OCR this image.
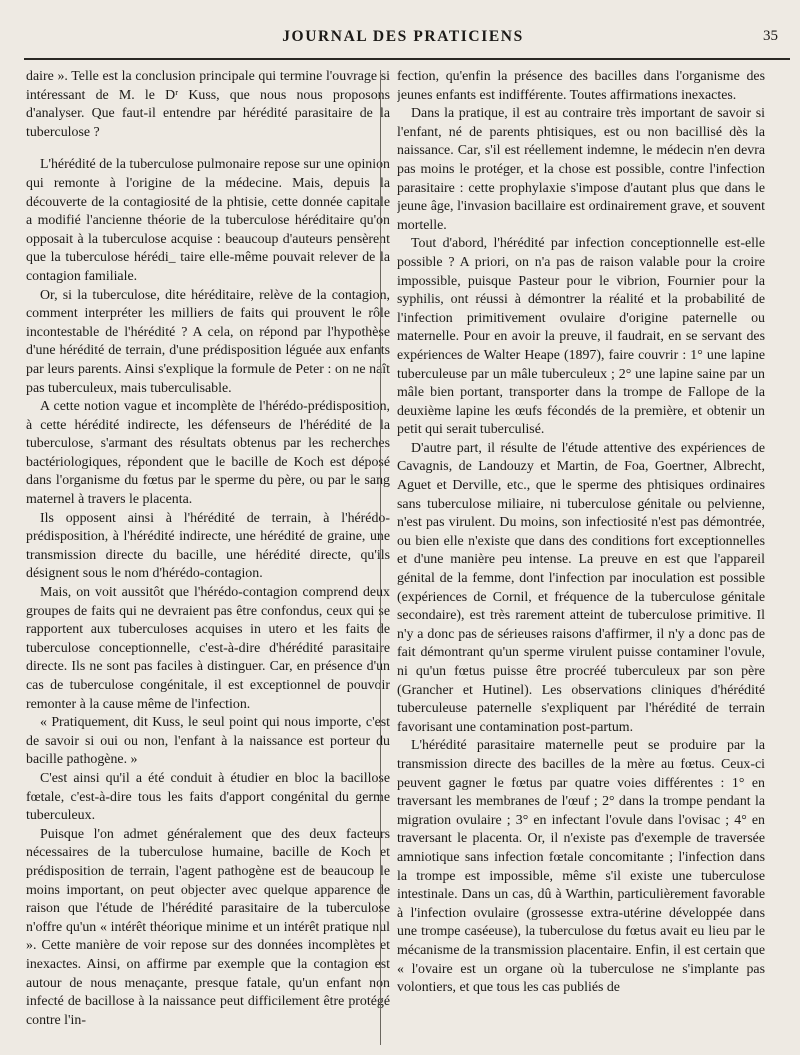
JOURNAL DES PRATICIENS	35

daire ». Telle est la conclusion principale qui termine l'ouvrage si intéressant de M. le Dʳ Kuss, que nous nous proposons d'analyser. Que faut-il entendre par hérédité parasitaire de la tuberculose ?

L'hérédité de la tuberculose pulmonaire repose sur une opinion qui remonte à l'origine de la médecine. Mais, depuis la découverte de la contagiosité de la phtisie, cette donnée capitale a modifié l'ancienne théorie de la tuberculose héréditaire qu'on opposait à la tuberculose acquise : beaucoup d'auteurs pensèrent que la tuberculose hérédi_ taire elle-même pouvait relever de la contagion familiale.

Or, si la tuberculose, dite héréditaire, relève de la contagion, comment interpréter les milliers de faits qui prouvent le rôle incontestable de l'hérédité ? A cela, on répond par l'hypothèse d'une hérédité de terrain, d'une prédisposition léguée aux enfants par leurs parents. Ainsi s'explique la formule de Peter : on ne naît pas tuberculeux, mais tuberculisable.

A cette notion vague et incomplète de l'hérédo-prédisposition, à cette hérédité indirecte, les défenseurs de l'hérédité de la tuberculose, s'armant des résultats obtenus par les recherches bactériologiques, répondent que le bacille de Koch est déposé dans l'organisme du fœtus par le sperme du père, ou par le sang maternel à travers le placenta.

Ils opposent ainsi à l'hérédité de terrain, à l'hérédo-prédisposition, à l'hérédité indirecte, une hérédité de graine, une transmission directe du bacille, une hérédité directe, qu'ils désignent sous le nom d'hérédo-contagion.

Mais, on voit aussitôt que l'hérédo-contagion comprend deux groupes de faits qui ne devraient pas être confondus, ceux qui se rapportent aux tuberculoses acquises in utero et les faits de tuberculose conceptionnelle, c'est-à-dire d'hérédité parasitaire directe. Ils ne sont pas faciles à distinguer. Car, en présence d'un cas de tuberculose congénitale, il est exceptionnel de pouvoir remonter à la cause même de l'infection.

« Pratiquement, dit Kuss, le seul point qui nous importe, c'est de savoir si oui ou non, l'enfant à la naissance est porteur du bacille pathogène. »

C'est ainsi qu'il a été conduit à étudier en bloc la bacillose fœtale, c'est-à-dire tous les faits d'apport congénital du germe tuberculeux.

Puisque l'on admet généralement que des deux facteurs nécessaires de la tuberculose humaine, bacille de Koch et prédisposition de terrain, l'agent pathogène est de beaucoup le moins important, on peut objecter avec quelque apparence de raison que l'étude de l'hérédité parasitaire de la tuberculose n'offre qu'un « intérêt théorique minime et un intérêt pratique nul ». Cette manière de voir repose sur des données incomplètes et inexactes. Ainsi, on affirme par exemple que la contagion est autour de nous menaçante, presque fatale, qu'un enfant non infecté de bacillose à la naissance peut difficilement être protégé contre l'in-

fection, qu'enfin la présence des bacilles dans l'organisme des jeunes enfants est indifférente. Toutes affirmations inexactes.

Dans la pratique, il est au contraire très important de savoir si l'enfant, né de parents phtisiques, est ou non bacillisé dès la naissance. Car, s'il est réellement indemne, le médecin n'en devra pas moins le protéger, et la chose est possible, contre l'infection parasitaire : cette prophylaxie s'impose d'autant plus que dans le jeune âge, l'invasion bacillaire est ordinairement grave, et souvent mortelle.

Tout d'abord, l'hérédité par infection conceptionnelle est-elle possible ? A priori, on n'a pas de raison valable pour la croire impossible, puisque Pasteur pour le vibrion, Fournier pour la syphilis, ont réussi à démontrer la réalité et la probabilité de l'infection primitivement ovulaire d'origine paternelle ou maternelle. Pour en avoir la preuve, il faudrait, en se servant des expériences de Walter Heape (1897), faire couvrir : 1° une lapine tuberculeuse par un mâle tuberculeux ; 2° une lapine saine par un mâle bien portant, transporter dans la trompe de Fallope de la deuxième lapine les œufs fécondés de la première, et obtenir un petit qui serait tuberculisé.

D'autre part, il résulte de l'étude attentive des expériences de Cavagnis, de Landouzy et Martin, de Foa, Goertner, Albrecht, Aguet et Derville, etc., que le sperme des phtisiques ordinaires sans tuberculose miliaire, ni tuberculose génitale ou pelvienne, n'est pas virulent. Du moins, son infectiosité n'est pas démontrée, ou bien elle n'existe que dans des conditions fort exceptionnelles et d'une manière peu intense. La preuve en est que l'appareil génital de la femme, dont l'infection par inoculation est possible (expériences de Cornil, et fréquence de la tuberculose génitale secondaire), est très rarement atteint de tuberculose primitive. Il n'y a donc pas de sérieuses raisons d'affirmer, il n'y a donc pas de fait démontrant qu'un sperme virulent puisse contaminer l'ovule, ni qu'un fœtus puisse être procréé tuberculeux par son père (Grancher et Hutinel). Les observations cliniques d'hérédité tuberculeuse paternelle s'expliquent par l'hérédité de terrain favorisant une contamination post-partum.

L'hérédité parasitaire maternelle peut se produire par la transmission directe des bacilles de la mère au fœtus. Ceux-ci peuvent gagner le fœtus par quatre voies différentes : 1° en traversant les membranes de l'œuf ; 2° dans la trompe pendant la migration ovulaire ; 3° en infectant l'ovule dans l'ovisac ; 4° en traversant le placenta. Or, il n'existe pas d'exemple de traversée amniotique sans infection fœtale concomitante ; l'infection dans la trompe est impossible, même s'il existe une tuberculose intestinale. Dans un cas, dû à Warthin, particulièrement favorable à l'infection ovulaire (grossesse extra-utérine développée dans une trompe caséeuse), la tuberculose du fœtus avait eu lieu par le mécanisme de la transmission placentaire. Enfin, il est certain que « l'ovaire est un organe où la tuberculose ne s'implante pas volontiers, et que tous les cas publiés de
